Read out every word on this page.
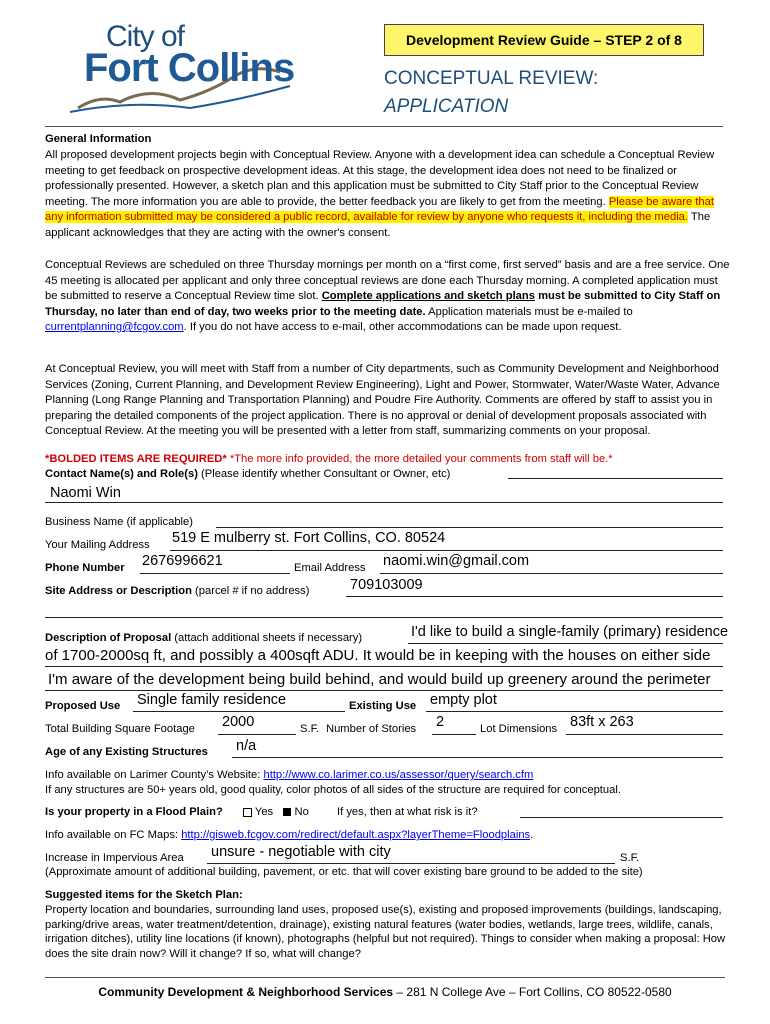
City of
Fort Collins
Development Review Guide – STEP 2 of 8
CONCEPTUAL REVIEW:
APPLICATION
General Information
All proposed development projects begin with Conceptual Review. Anyone with a development idea can schedule a Conceptual Review meeting to get feedback on prospective development ideas. At this stage, the development idea does not need to be finalized or professionally presented. However, a sketch plan and this application must be submitted to City Staff prior to the Conceptual Review meeting. The more information you are able to provide, the better feedback you are likely to get from the meeting. Please be aware that any information submitted may be considered a public record, available for review by anyone who requests it, including the media. The applicant acknowledges that they are acting with the owner's consent.
Conceptual Reviews are scheduled on three Thursday mornings per month on a “first come, first served” basis and are a free service. One 45 meeting is allocated per applicant and only three conceptual reviews are done each Thursday morning. A completed application must be submitted to reserve a Conceptual Review time slot. Complete applications and sketch plans must be submitted to City Staff on Thursday, no later than end of day, two weeks prior to the meeting date. Application materials must be e-mailed to currentplanning@fcgov.com. If you do not have access to e-mail, other accommodations can be made upon request.
At Conceptual Review, you will meet with Staff from a number of City departments, such as Community Development and Neighborhood Services (Zoning, Current Planning, and Development Review Engineering), Light and Power, Stormwater, Water/Waste Water, Advance Planning (Long Range Planning and Transportation Planning) and Poudre Fire Authority. Comments are offered by staff to assist you in preparing the detailed components of the project application. There is no approval or denial of development proposals associated with Conceptual Review. At the meeting you will be presented with a letter from staff, summarizing comments on your proposal.
*BOLDED ITEMS ARE REQUIRED* *The more info provided, the more detailed your comments from staff will be.*
Contact Name(s) and Role(s) (Please identify whether Consultant or Owner, etc)
Naomi Win
Business Name (if applicable)
Your Mailing Address 519 E mulberry st. Fort Collins, CO. 80524
Phone Number 2676996621	Email Address naomi.win@gmail.com
Site Address or Description (parcel # if no address)	709103009
Description of Proposal (attach additional sheets if necessary)	I'd like to build a single-family (primary) residence
of 1700-2000sq ft, and possibly a 400sqft ADU. It would be in keeping with the houses on either side
I'm aware of the development being build behind, and would build up greenery around the perimeter
Proposed Use Single family residence	Existing Use empty plot
Total Building Square Footage 2000	S.F. Number of Stories 2	Lot Dimensions 83ft x 263
Age of any Existing Structures n/a
Info available on Larimer County’s Website: http://www.co.larimer.co.us/assessor/query/search.cfm
If any structures are 50+ years old, good quality, color photos of all sides of the structure are required for conceptual.
Is your property in a Flood Plain?	Yes No	If yes, then at what risk is it?
Info available on FC Maps: http://gisweb.fcgov.com/redirect/default.aspx?layerTheme=Floodplains.
Increase in Impervious Area unsure - negotiable with city	S.F.
(Approximate amount of additional building, pavement, or etc. that will cover existing bare ground to be added to the site)
Suggested items for the Sketch Plan:
Property location and boundaries, surrounding land uses, proposed use(s), existing and proposed improvements (buildings, landscaping, parking/drive areas, water treatment/detention, drainage), existing natural features (water bodies, wetlands, large trees, wildlife, canals, irrigation ditches), utility line locations (if known), photographs (helpful but not required). Things to consider when making a proposal: How does the site drain now? Will it change? If so, what will change?
Community Development & Neighborhood Services – 281 N College Ave – Fort Collins, CO 80522-0580
